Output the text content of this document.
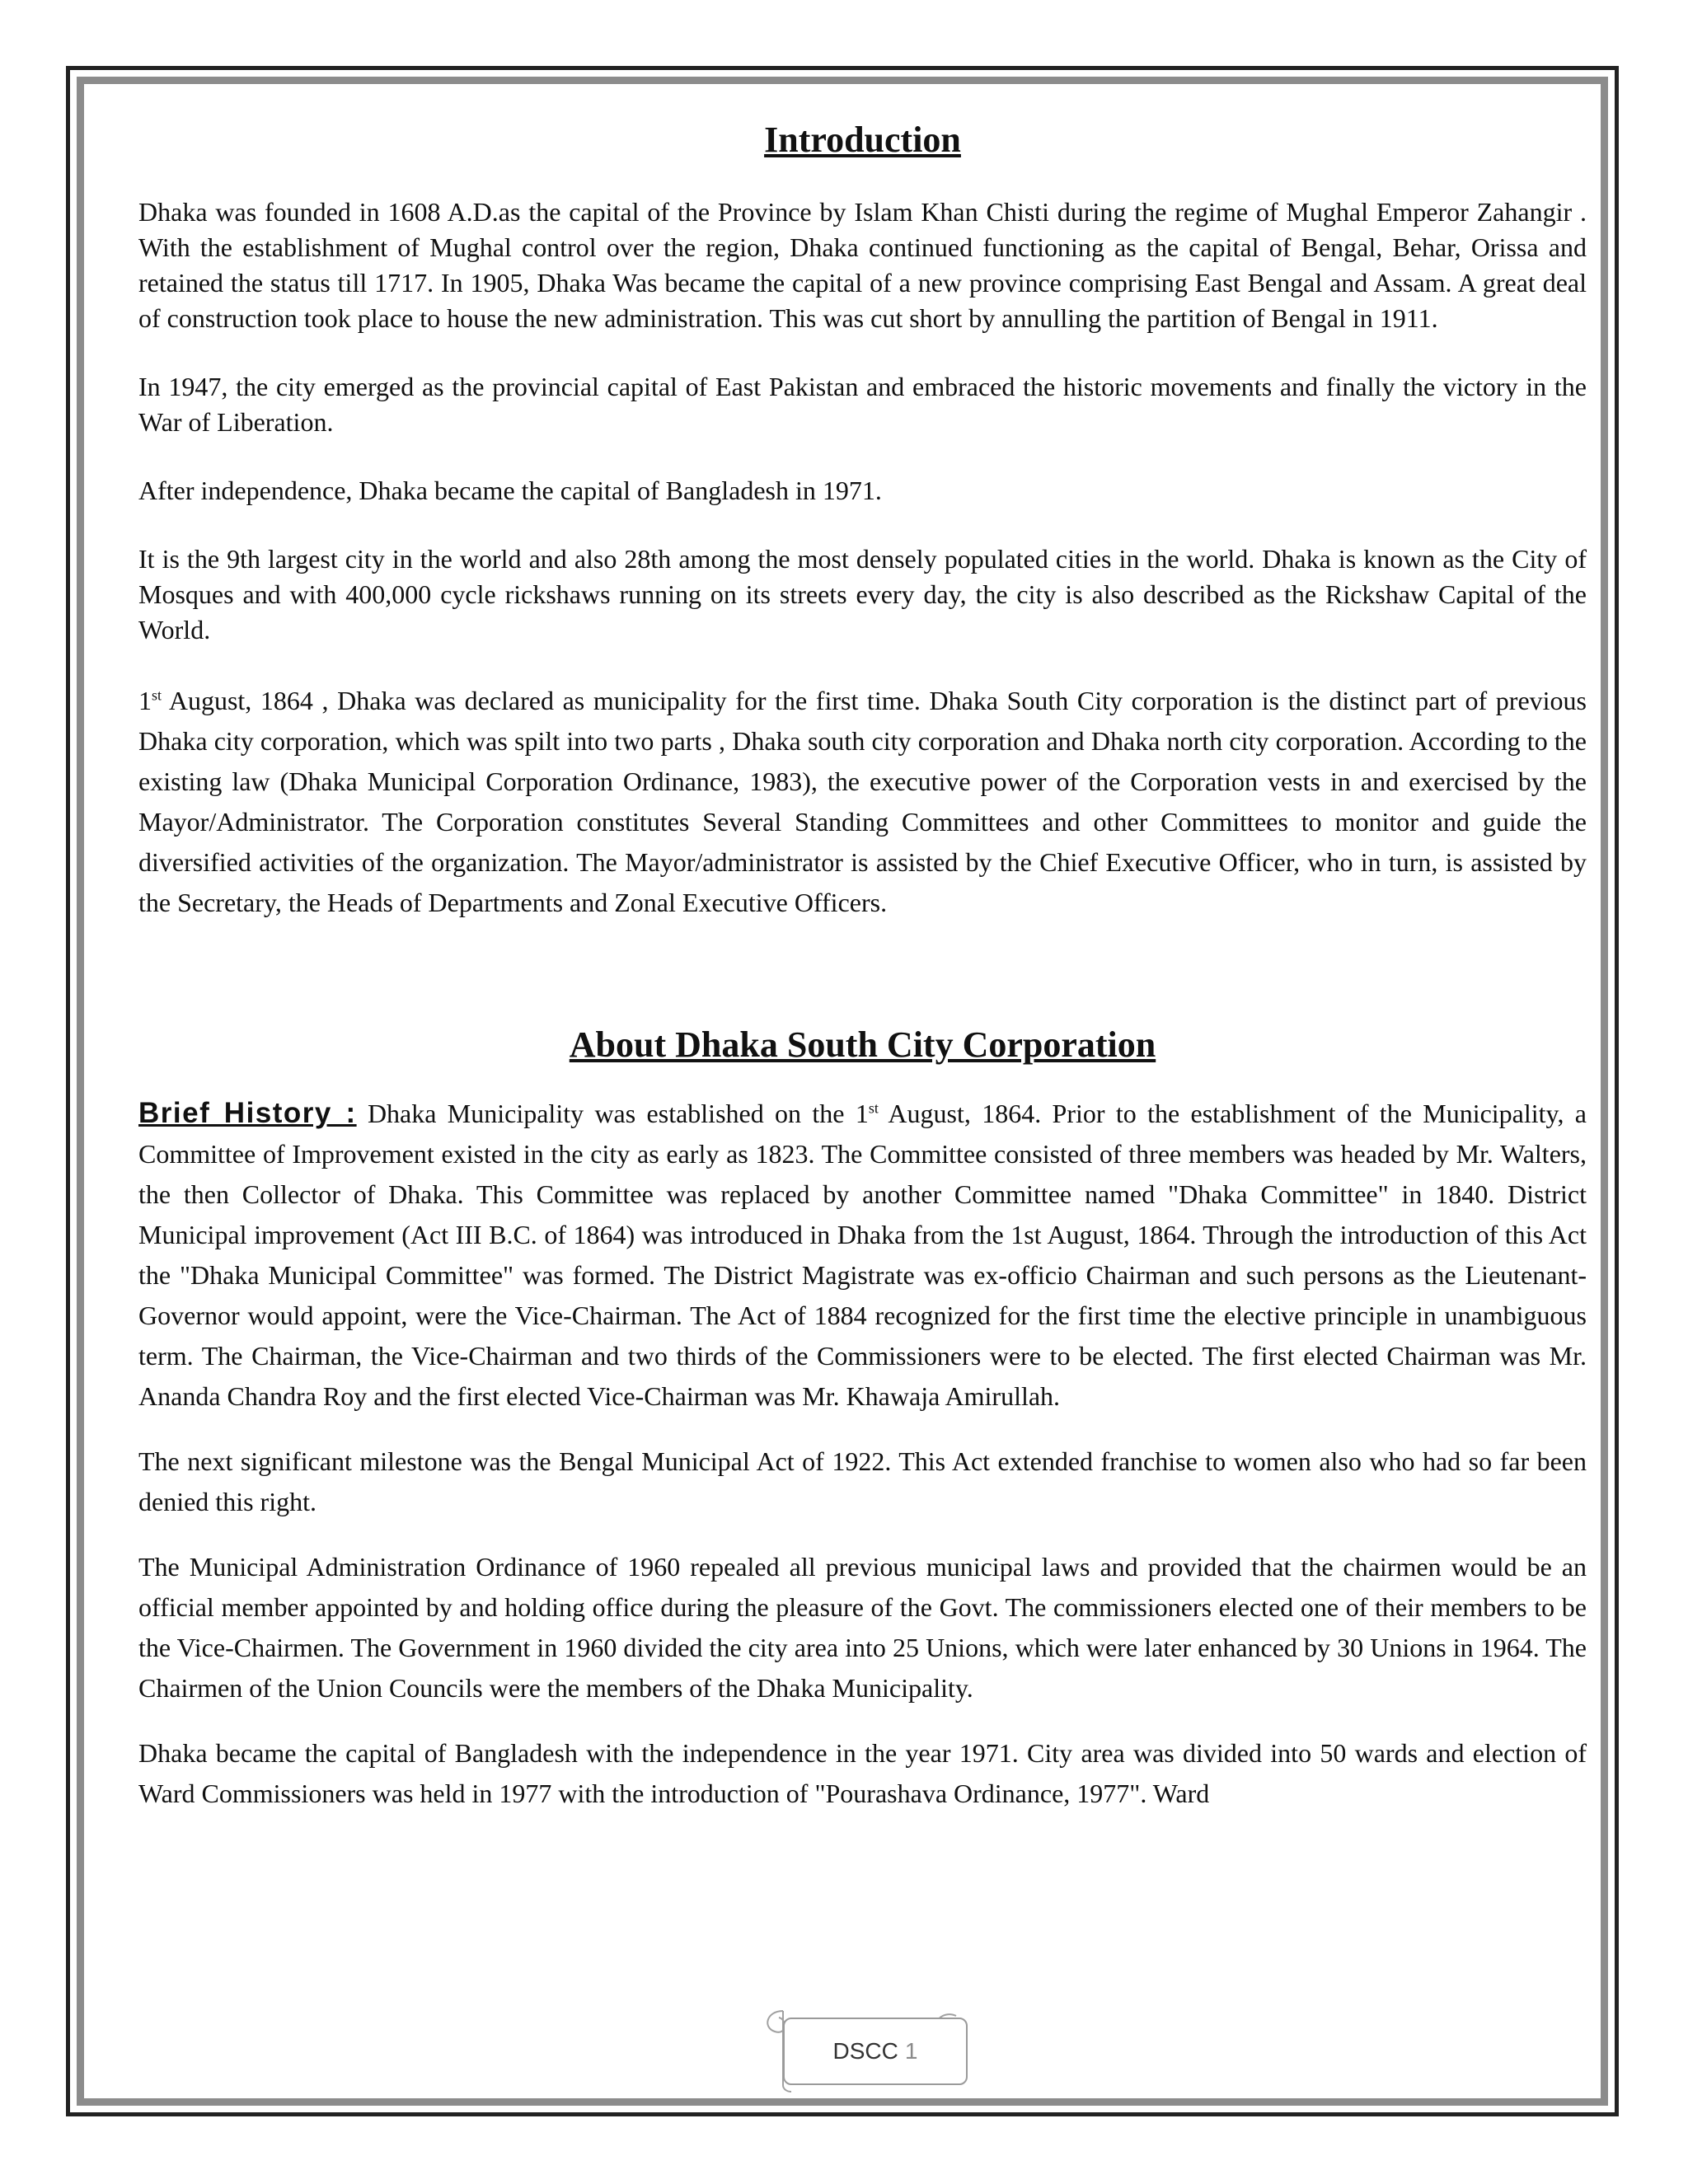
Introduction

Dhaka was founded in 1608 A.D.as the capital of the Province by Islam Khan Chisti during the regime of Mughal Emperor Zahangir . With the establishment of Mughal control over the region, Dhaka continued functioning as the capital of Bengal, Behar, Orissa and retained the status till 1717. In 1905, Dhaka Was became the capital of a new province comprising East Bengal and Assam. A great deal of construction took place to house the new administration. This was cut short by annulling the partition of Bengal in 1911.

In 1947, the city emerged as the provincial capital of East Pakistan and embraced the historic movements and finally the victory in the War of Liberation.

After independence, Dhaka became the capital of Bangladesh in 1971.

It is the 9th largest city in the world and also 28th among the most densely populated cities in the world. Dhaka is known as the City of Mosques and with 400,000 cycle rickshaws running on its streets every day, the city is also described as the Rickshaw Capital of the World.

1st August, 1864 , Dhaka was declared as municipality for the first time. Dhaka South City corporation is the distinct part of previous Dhaka city corporation, which was spilt into two parts , Dhaka south city corporation and Dhaka north city corporation. According to the existing law (Dhaka Municipal Corporation Ordinance, 1983), the executive power of the Corporation vests in and exercised by the Mayor/Administrator. The Corporation constitutes Several Standing Committees and other Committees to monitor and guide the diversified activities of the organization. The Mayor/administrator is assisted by the Chief Executive Officer, who in turn, is assisted by the Secretary, the Heads of Departments and Zonal Executive Officers.

About Dhaka South City Corporation

Brief History : Dhaka Municipality was established on the 1st August, 1864. Prior to the establishment of the Municipality, a Committee of Improvement existed in the city as early as 1823. The Committee consisted of three members was headed by Mr. Walters, the then Collector of Dhaka. This Committee was replaced by another Committee named "Dhaka Committee" in 1840. District Municipal improvement (Act III B.C. of 1864) was introduced in Dhaka from the 1st August, 1864. Through the introduction of this Act the "Dhaka Municipal Committee" was formed. The District Magistrate was ex-officio Chairman and such persons as the Lieutenant-Governor would appoint, were the Vice-Chairman. The Act of 1884 recognized for the first time the elective principle in unambiguous term. The Chairman, the Vice-Chairman and two thirds of the Commissioners were to be elected. The first elected Chairman was Mr. Ananda Chandra Roy and the first elected Vice-Chairman was Mr. Khawaja Amirullah.

The next significant milestone was the Bengal Municipal Act of 1922. This Act extended franchise to women also who had so far been denied this right.

The Municipal Administration Ordinance of 1960 repealed all previous municipal laws and provided that the chairmen would be an official member appointed by and holding office during the pleasure of the Govt. The commissioners elected one of their members to be the Vice-Chairmen. The Government in 1960 divided the city area into 25 Unions, which were later enhanced by 30 Unions in 1964. The Chairmen of the Union Councils were the members of the Dhaka Municipality.

Dhaka became the capital of Bangladesh with the independence in the year 1971. City area was divided into 50 wards and election of Ward Commissioners was held in 1977 with the introduction of "Pourashava Ordinance, 1977". Ward

DSCC 1
